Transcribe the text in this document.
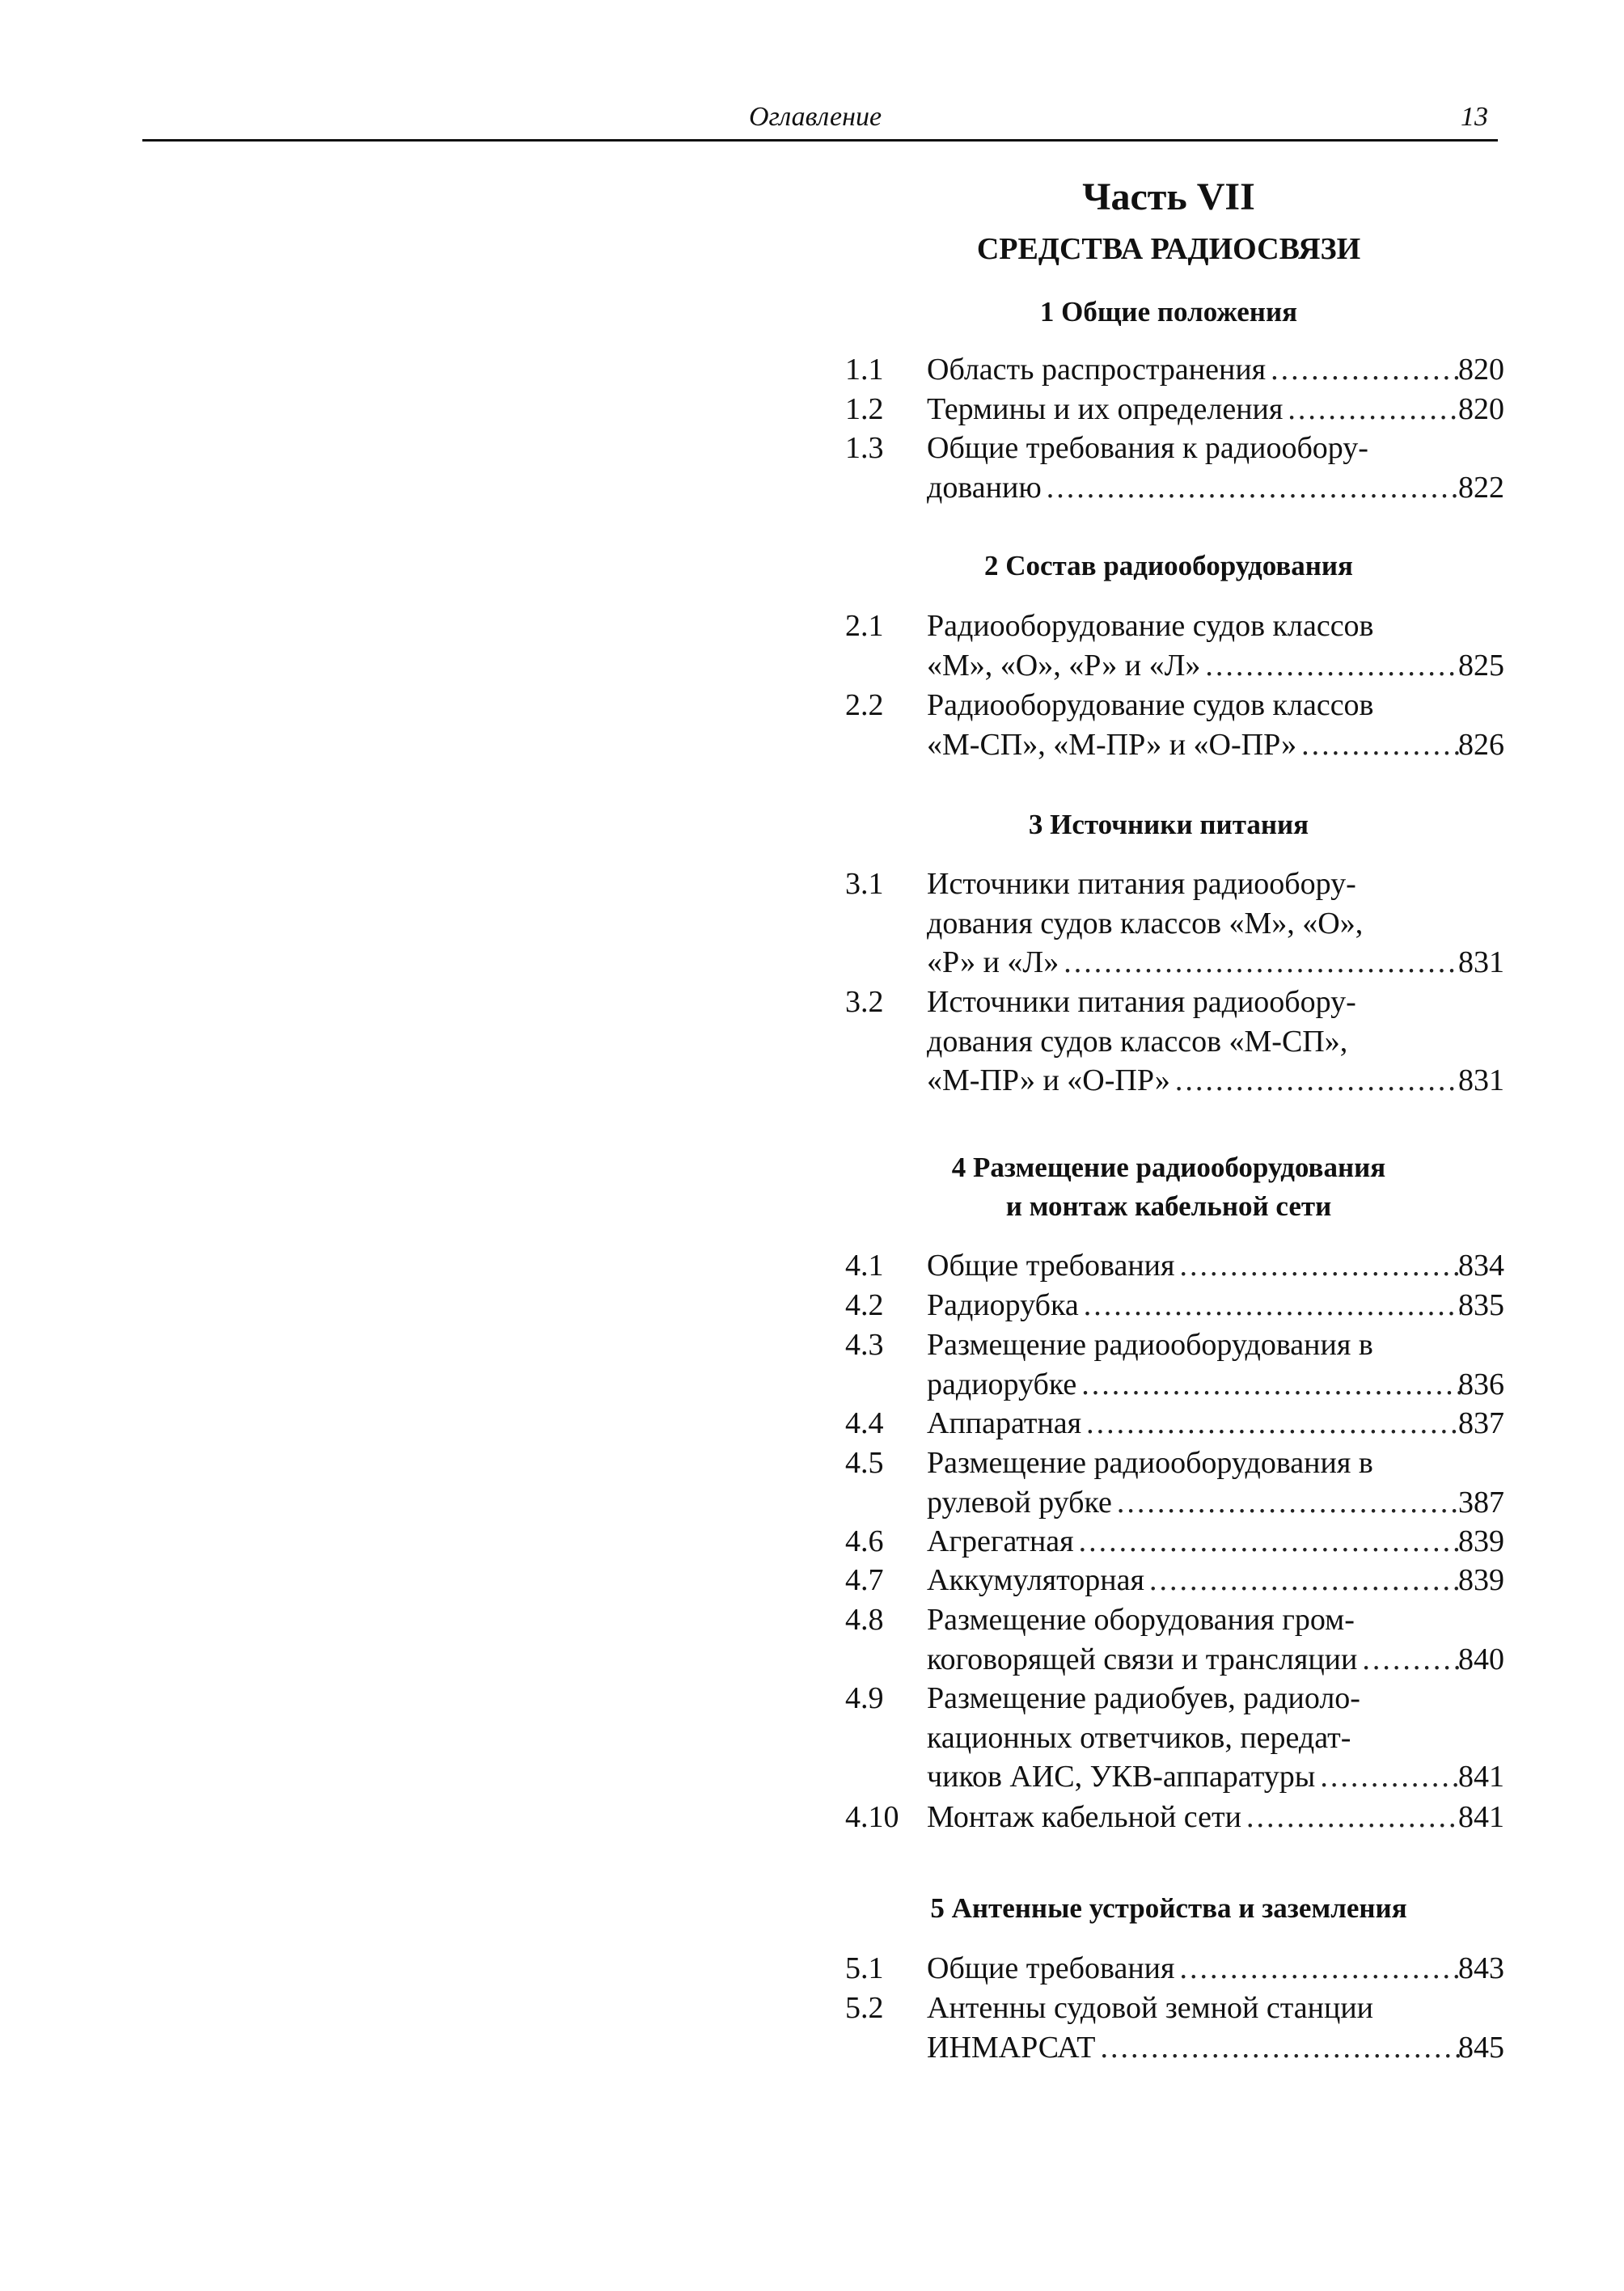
Оглавление	13
Часть VII
СРЕДСТВА РАДИОСВЯЗИ
1 Общие положения
1.1 Область распространения .....	820
1.2 Термины и их определения .....	820
1.3 Общие требования к радиообору-
дованию .....	822
2 Состав радиооборудования
2.1 Радиооборудование судов классов
«М», «О», «Р» и «Л» .....	825
2.2 Радиооборудование судов классов
«М-СП», «М-ПР» и «О-ПР» .....	826
3 Источники питания
3.1 Источники питания радиообору-
дования судов классов «М», «О»,
«Р» и «Л» .....	831
3.2 Источники питания радиообору-
дования судов классов «М-СП»,
«М-ПР» и «О-ПР» .....	831
4 Размещение радиооборудования
и монтаж кабельной сети
4.1 Общие требования .....	834
4.2 Радиорубка .....	835
4.3 Размещение радиооборудования в
радиорубке .....	836
4.4 Аппаратная .....	837
4.5 Размещение радиооборудования в
рулевой рубке .....	387
4.6 Агрегатная .....	839
4.7 Аккумуляторная .....	839
4.8 Размещение оборудования гром-
коговорящей связи и трансляции .....	840
4.9 Размещение радиобуев, радиоло-
кационных ответчиков, передат-
чиков АИС, УКВ-аппаратуры .....	841
4.10 Монтаж кабельной сети .....	841
5 Антенные устройства и заземления
5.1 Общие требования .....	843
5.2 Антенны судовой земной станции
ИНМАРСАТ .....	845
